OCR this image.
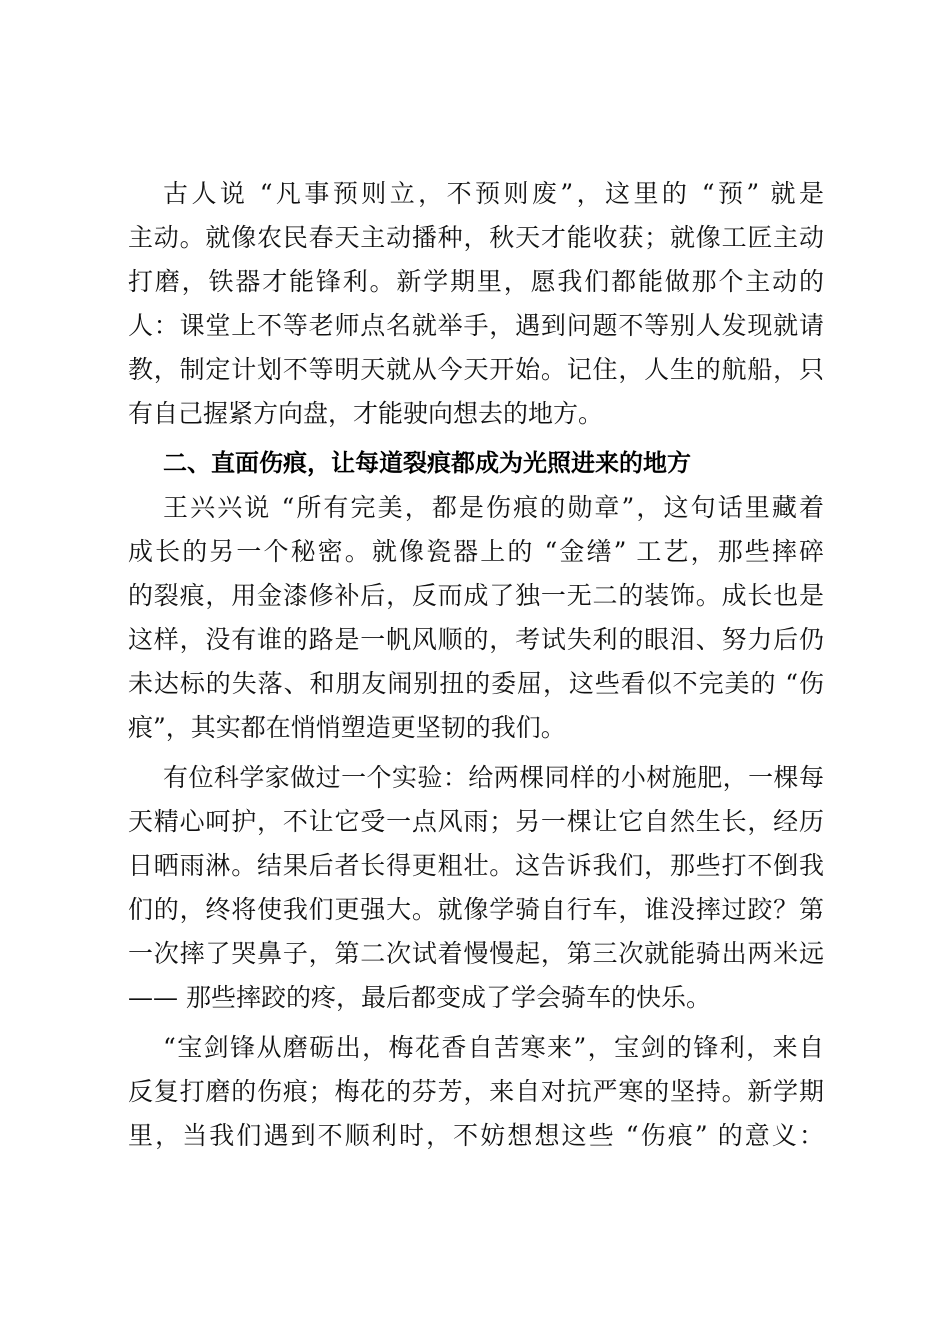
古人说 “凡事预则立，不预则废”，这里的 “预” 就是
主动。就像农民春天主动播种，秋天才能收获；就像工匠主动
打磨，铁器才能锋利。新学期里，愿我们都能做那个主动的
人：课堂上不等老师点名就举手，遇到问题不等别人发现就请
教，制定计划不等明天就从今天开始。记住，人生的航船，只
有自己握紧方向盘，才能驶向想去的地方。
二、直面伤痕，让每道裂痕都成为光照进来的地方
王兴兴说 “所有完美，都是伤痕的勋章”，这句话里藏着
成长的另一个秘密。就像瓷器上的 “金缮” 工艺，那些摔碎
的裂痕，用金漆修补后，反而成了独一无二的装饰。成长也是
这样，没有谁的路是一帆风顺的，考试失利的眼泪、努力后仍
未达标的失落、和朋友闹别扭的委屈，这些看似不完美的 “伤
痕”，其实都在悄悄塑造更坚韧的我们。
有位科学家做过一个实验：给两棵同样的小树施肥，一棵每
天精心呵护，不让它受一点风雨；另一棵让它自然生长，经历
日晒雨淋。结果后者长得更粗壮。这告诉我们，那些打不倒我
们的，终将使我们更强大。就像学骑自行车，谁没摔过跤？第
一次摔了哭鼻子，第二次试着慢慢起，第三次就能骑出两米远
—— 那些摔跤的疼，最后都变成了学会骑车的快乐。
“宝剑锋从磨砺出，梅花香自苦寒来”，宝剑的锋利，来自
反复打磨的伤痕；梅花的芬芳，来自对抗严寒的坚持。新学期
里，当我们遇到不顺利时，不妨想想这些 “伤痕” 的意义：
